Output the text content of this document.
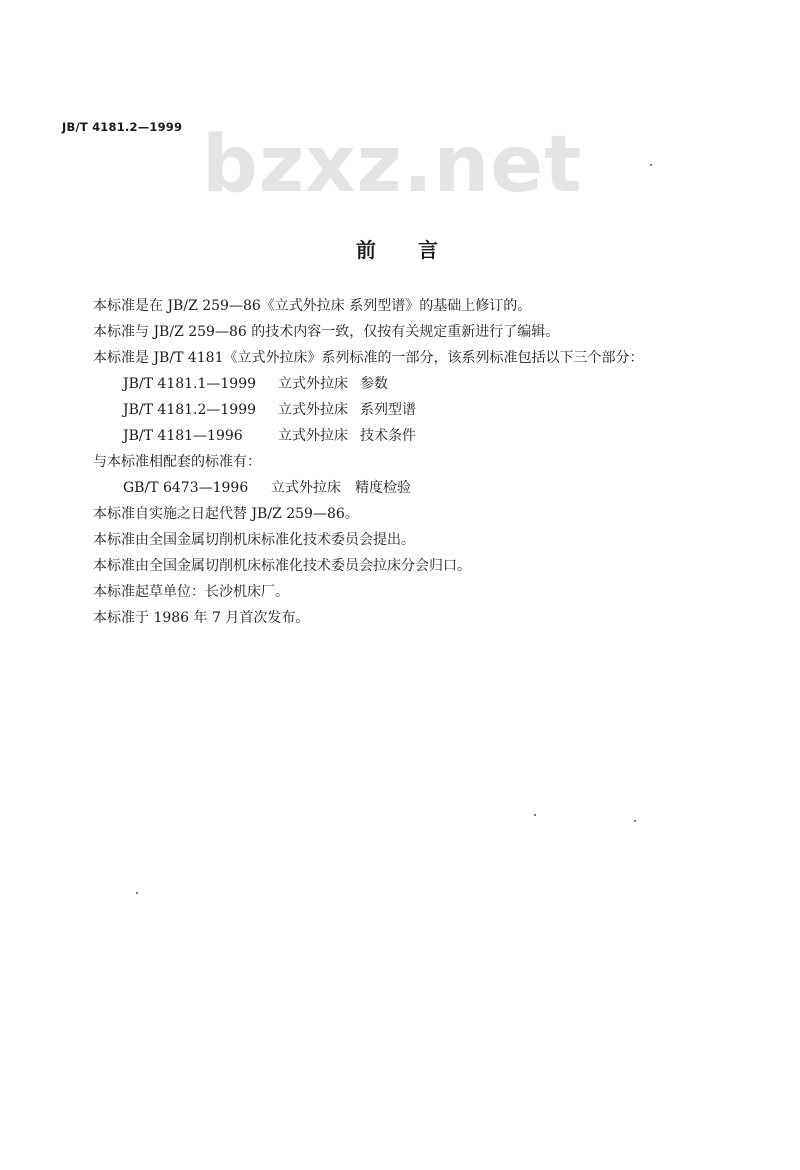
JB/T 4181.2—1999 bzxz.net
前言
本标准是在 JB/Z 259—86《立式外拉床 系列型谱》的基础上修订的。
本标准与 JB/Z 259—86 的技术内容一致，仅按有关规定重新进行了编辑。
本标准是 JB/T 4181《立式外拉床》系列标准的一部分，该系列标准包括以下三个部分：
JB/T 4181.1—1999 立式外拉床 参数
JB/T 4181.2—1999 立式外拉床 系列型谱
JB/T 4181—1996	立式外拉床 技术条件
与本标准相配套的标准有：
GB/T 6473—1996 立式外拉床 精度检验
本标准自实施之日起代替 JB/Z 259—86。
本标准由全国金属切削机床标准化技术委员会提出。
本标准由全国金属切削机床标准化技术委员会拉床分会归口。
本标准起草单位：长沙机床厂。
本标准于 1986 年 7 月首次发布。
